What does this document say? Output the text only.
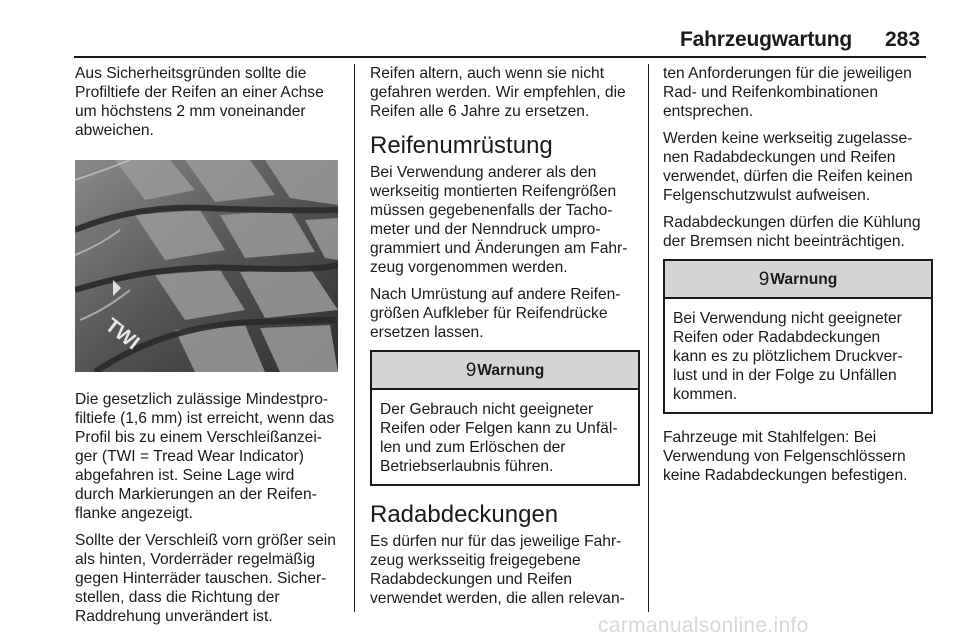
Fahrzeugwartung 283

Aus Sicherheitsgründen sollte die
Profiltiefe der Reifen an einer Achse
um höchstens 2 mm voneinander
abweichen.

TWI

Die gesetzlich zulässige Mindestpro-
filtiefe (1,6 mm) ist erreicht, wenn das
Profil bis zu einem Verschleißanzei-
ger (TWI = Tread Wear Indicator)
abgefahren ist. Seine Lage wird
durch Markierungen an der Reifen-
flanke angezeigt.

Sollte der Verschleiß vorn größer sein
als hinten, Vorderräder regelmäßig
gegen Hinterräder tauschen. Sicher-
stellen, dass die Richtung der
Raddrehung unverändert ist.

Reifen altern, auch wenn sie nicht
gefahren werden. Wir empfehlen, die
Reifen alle 6 Jahre zu ersetzen.

Reifenumrüstung

Bei Verwendung anderer als den
werkseitig montierten Reifengrößen
müssen gegebenenfalls der Tacho-
meter und der Nenndruck umpro-
grammiert und Änderungen am Fahr-
zeug vorgenommen werden.

Nach Umrüstung auf andere Reifen-
größen Aufkleber für Reifendrücke
ersetzen lassen.

9 Warnung
Der Gebrauch nicht geeigneter
Reifen oder Felgen kann zu Unfäl-
len und zum Erlöschen der
Betriebserlaubnis führen.
Radabdeckungen

Es dürfen nur für das jeweilige Fahr-
zeug werksseitig freigegebene
Radabdeckungen und Reifen
verwendet werden, die allen relevan-

ten Anforderungen für die jeweiligen
Rad- und Reifenkombinationen
entsprechen.

Werden keine werkseitig zugelasse-
nen Radabdeckungen und Reifen
verwendet, dürfen die Reifen keinen
Felgenschutzwulst aufweisen.

Radabdeckungen dürfen die Kühlung
der Bremsen nicht beeinträchtigen.

9 Warnung
Bei Verwendung nicht geeigneter
Reifen oder Radabdeckungen
kann es zu plötzlichem Druckver-
lust und in der Folge zu Unfällen
kommen.

Fahrzeuge mit Stahlfelgen: Bei
Verwendung von Felgenschlössern
keine Radabdeckungen befestigen.

carmanualsonline.info
